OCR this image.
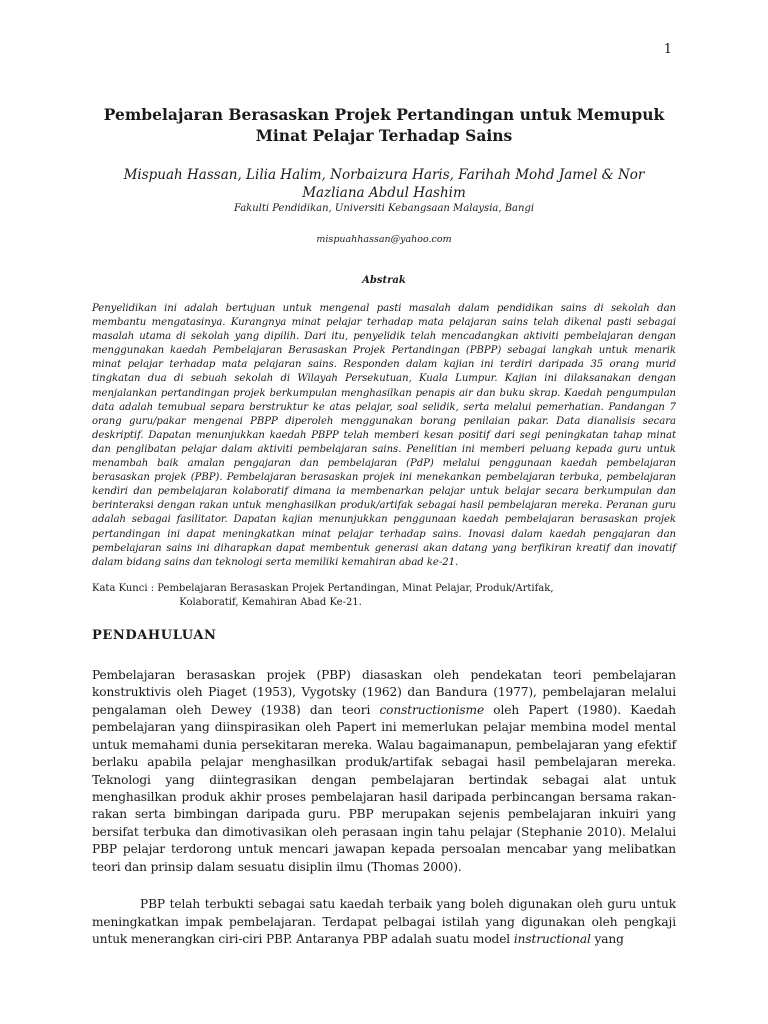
1
Pembelajaran Berasaskan Projek Pertandingan untuk Memupuk Minat Pelajar Terhadap Sains

Mispuah Hassan, Lilia Halim, Norbaizura Haris, Farihah Mohd Jamel & Nor Mazliana Abdul Hashim

Fakulti Pendidikan, Universiti Kebangsaan Malaysia, Bangi

mispuahhassan@yahoo.com

Abstrak

Penyelidikan ini adalah bertujuan untuk mengenal pasti masalah dalam pendidikan sains di sekolah dan membantu mengatasinya. Kurangnya minat pelajar terhadap mata pelajaran sains telah dikenal pasti sebagai masalah utama di sekolah yang dipilih. Dari itu, penyelidik telah mencadangkan aktiviti pembelajaran dengan menggunakan kaedah Pembelajaran Berasaskan Projek Pertandingan (PBPP) sebagai langkah untuk menarik minat pelajar terhadap mata pelajaran sains. Responden dalam kajian ini terdiri daripada 35 orang murid tingkatan dua di sebuah sekolah di Wilayah Persekutuan, Kuala Lumpur. Kajian ini dilaksanakan dengan menjalankan pertandingan projek berkumpulan menghasilkan penapis air dan buku skrap. Kaedah pengumpulan data adalah temubual separa berstruktur ke atas pelajar, soal selidik, serta melalui pemerhatian. Pandangan 7 orang guru/pakar mengenai PBPP diperoleh menggunakan borang penilaian pakar. Data dianalisis secara deskriptif. Dapatan menunjukkan kaedah PBPP telah memberi kesan positif dari segi peningkatan tahap minat dan penglibatan pelajar dalam aktiviti pembelajaran sains. Penelitian ini memberi peluang kepada guru untuk menambah baik amalan pengajaran dan pembelajaran (PdP) melalui penggunaan kaedah pembelajaran berasaskan projek (PBP). Pembelajaran berasaskan projek ini menekankan pembelajaran terbuka, pembelajaran kendiri dan pembelajaran kolaboratif dimana ia membenarkan pelajar untuk belajar secara berkumpulan dan berinteraksi dengan rakan untuk menghasilkan produk/artifak sebagai hasil pembelajaran mereka. Peranan guru adalah sebagai fasilitator. Dapatan kajian menunjukkan penggunaan kaedah pembelajaran berasaskan projek pertandingan ini dapat meningkatkan minat pelajar terhadap sains. Inovasi dalam kaedah pengajaran dan pembelajaran sains ini diharapkan dapat membentuk generasi akan datang yang berfikiran kreatif dan inovatif dalam bidang sains dan teknologi serta memiliki kemahiran abad ke-21.

Kata Kunci : Pembelajaran Berasaskan Projek Pertandingan, Minat Pelajar, Produk/Artifak,
Kolaboratif, Kemahiran Abad Ke-21.
PENDAHULUAN

Pembelajaran berasaskan projek (PBP) diasaskan oleh pendekatan teori pembelajaran konstruktivis oleh Piaget (1953), Vygotsky (1962) dan Bandura (1977), pembelajaran melalui pengalaman oleh Dewey (1938) dan teori constructionisme oleh Papert (1980). Kaedah pembelajaran yang diinspirasikan oleh Papert ini memerlukan pelajar membina model mental untuk memahami dunia persekitaran mereka. Walau bagaimanapun, pembelajaran yang efektif berlaku apabila pelajar menghasilkan produk/artifak sebagai hasil pembelajaran mereka. Teknologi yang diintegrasikan dengan pembelajaran bertindak sebagai alat untuk menghasilkan produk akhir proses pembelajaran hasil daripada perbincangan bersama rakan-rakan serta bimbingan daripada guru. PBP merupakan sejenis pembelajaran inkuiri yang bersifat terbuka dan dimotivasikan oleh perasaan ingin tahu pelajar (Stephanie 2010). Melalui PBP pelajar terdorong untuk mencari jawapan kepada persoalan mencabar yang melibatkan teori dan prinsip dalam sesuatu disiplin ilmu (Thomas 2000).

PBP telah terbukti sebagai satu kaedah terbaik yang boleh digunakan oleh guru untuk meningkatkan impak pembelajaran. Terdapat pelbagai istilah yang digunakan oleh pengkaji untuk menerangkan ciri-ciri PBP. Antaranya PBP adalah suatu model instructional yang
